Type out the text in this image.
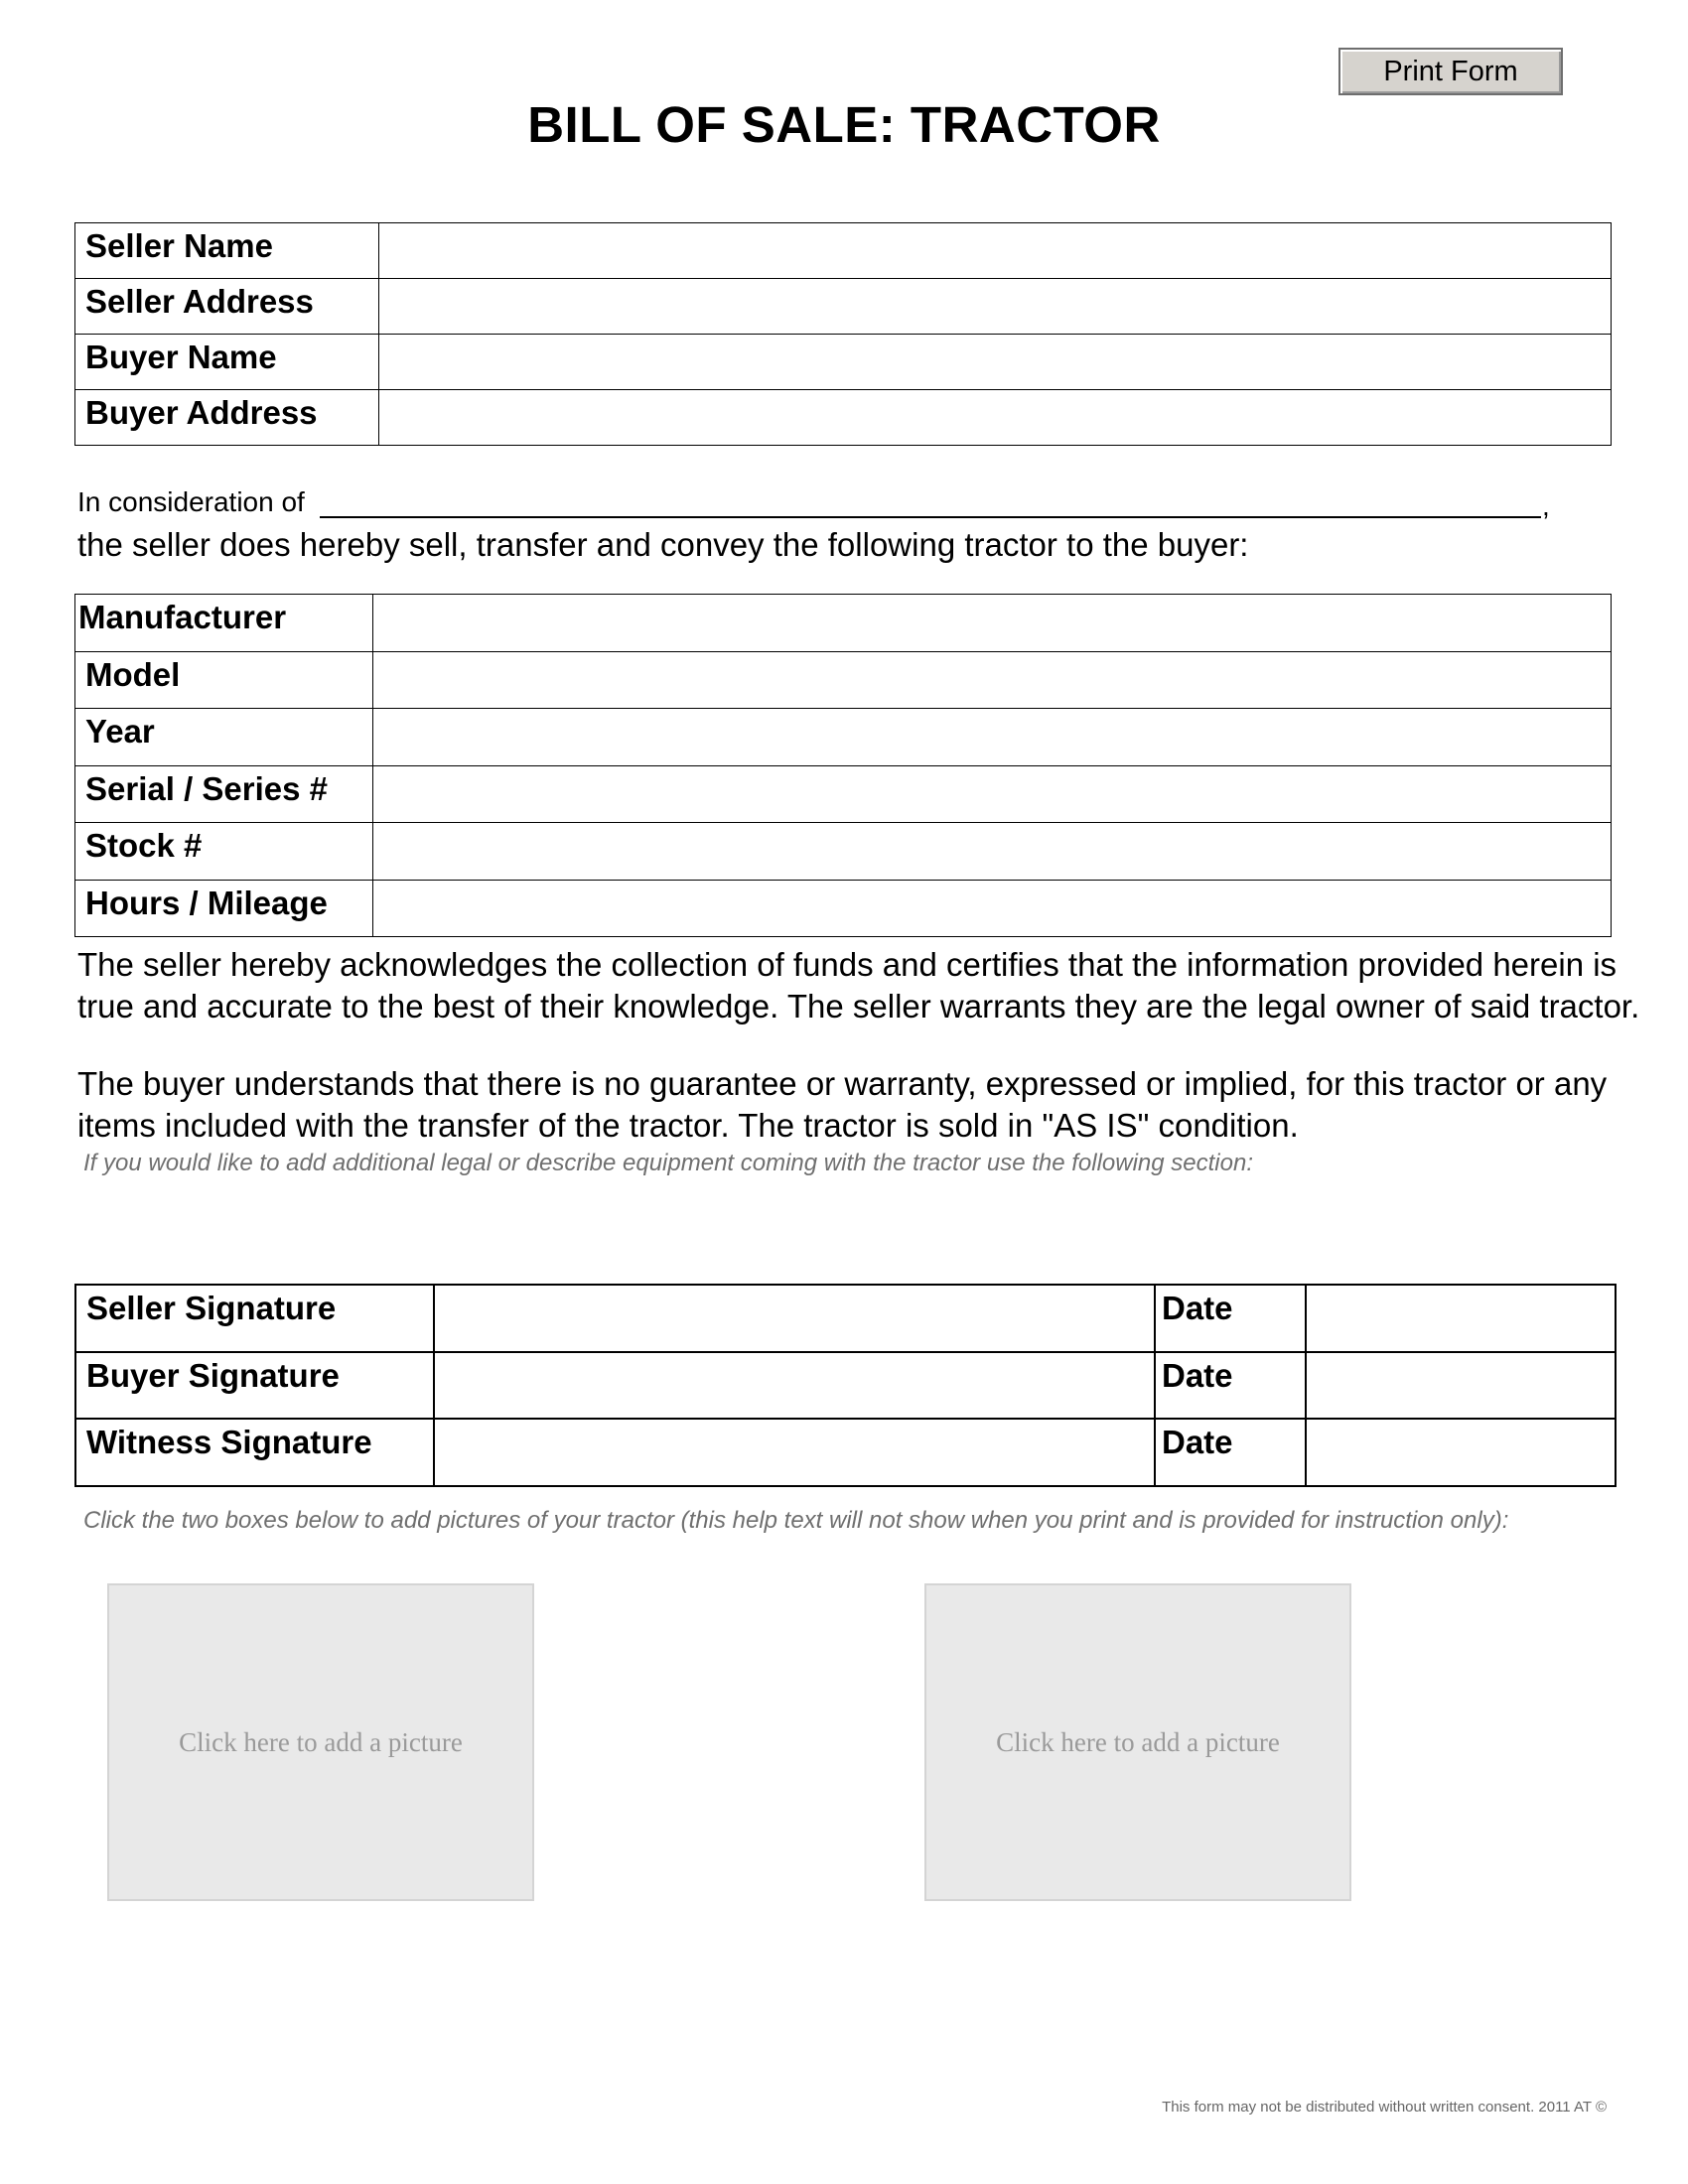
Print Form
BILL OF SALE: TRACTOR
Seller Name	
Seller Address	
Buyer Name	
Buyer Address	
In consideration of	,

the seller does hereby sell, transfer and convey the following tractor to the buyer:

Manufacturer	
Model	
Year	
Serial / Series #	
Stock #	
Hours / Mileage	

The seller hereby acknowledges the collection of funds and certifies that the information provided herein is true and accurate to the best of their knowledge. The seller warrants they are the legal owner of said tractor.

The buyer understands that there is no guarantee or warranty, expressed or implied, for this tractor or any items included with the transfer of the tractor. The tractor is sold in "AS IS" condition.

If you would like to add additional legal or describe equipment coming with the tractor use the following section:
Seller Signature		Date	
Buyer Signature		Date	
Witness Signature		Date	
Click the two boxes below to add pictures of your tractor (this help text will not show when you print and is provided for instruction only):
Click here to add a picture	Click here to add a picture
This form may not be distributed without written consent. 2011 AT ©
